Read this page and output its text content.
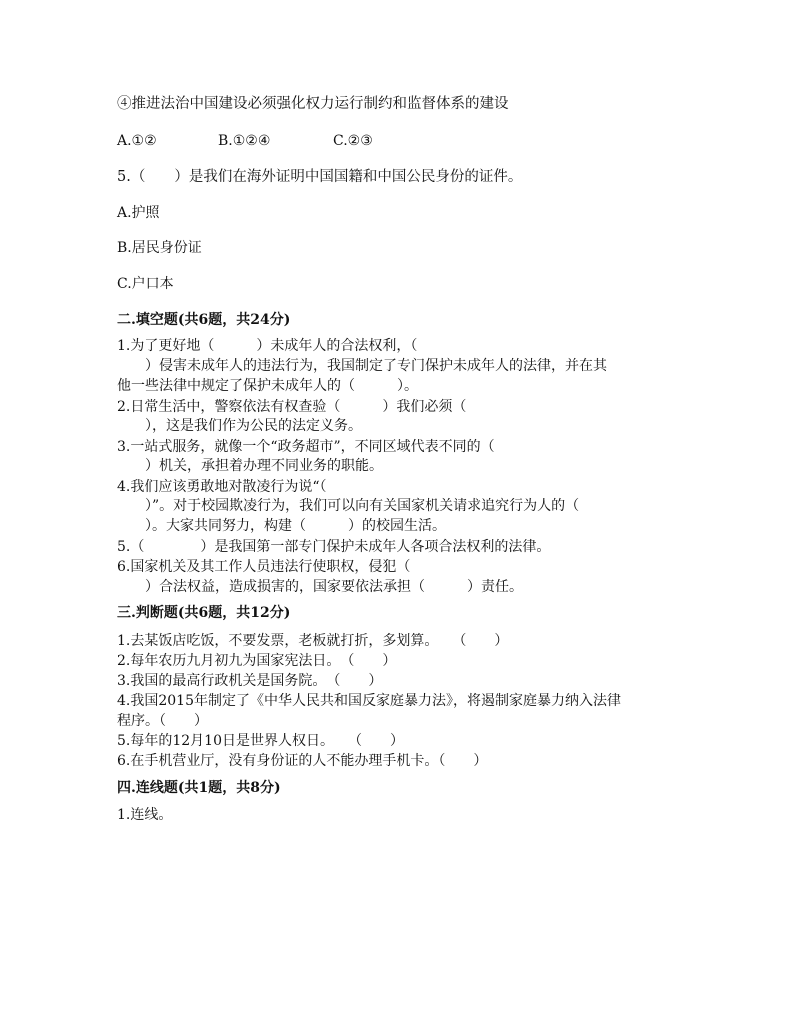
④推进法治中国建设必须强化权力运行制约和监督体系的建设
A.①②	B.①②④	C.②③
5.（　　）是我们在海外证明中国国籍和中国公民身份的证件。
A.护照
B.居民身份证
C.户口本
二.填空题(共6题，共24分)
1.为了更好地（　　　）未成年人的合法权利，（
　　）侵害未成年人的违法行为，我国制定了专门保护未成年人的法律，并在其
他一些法律中规定了保护未成年人的（　　　）。
2.日常生活中，警察依法有权查验（　　　）我们必须（
　　），这是我们作为公民的法定义务。
3.一站式服务，就像一个“政务超市”，不同区域代表不同的（
　　）机关，承担着办理不同业务的职能。
4.我们应该勇敢地对散凌行为说“（
　　）”。对于校园欺凌行为，我们可以向有关国家机关请求追究行为人的（
　　）。大家共同努力，构建（　　　）的校园生活。
5.（　　　　）是我国第一部专门保护未成年人各项合法权利的法律。
6.国家机关及其工作人员违法行使职权，侵犯（
　　）合法权益，造成损害的，国家要依法承担（　　　）责任。
三.判断题(共6题，共12分)
1.去某饭店吃饭，不要发票，老板就打折，多划算。　　（　　）
2.每年农历九月初九为国家宪法日。　（　　）
3.我国的最高行政机关是国务院。　（　　）
4.我国2015年制定了《中华人民共和国反家庭暴力法》，将遏制家庭暴力纳入法律
程序。（　　）
5.每年的12月10日是世界人权日。　　（　　）
6.在手机营业厅，没有身份证的人不能办理手机卡。（　　）
四.连线题(共1题，共8分)
1.连线。
